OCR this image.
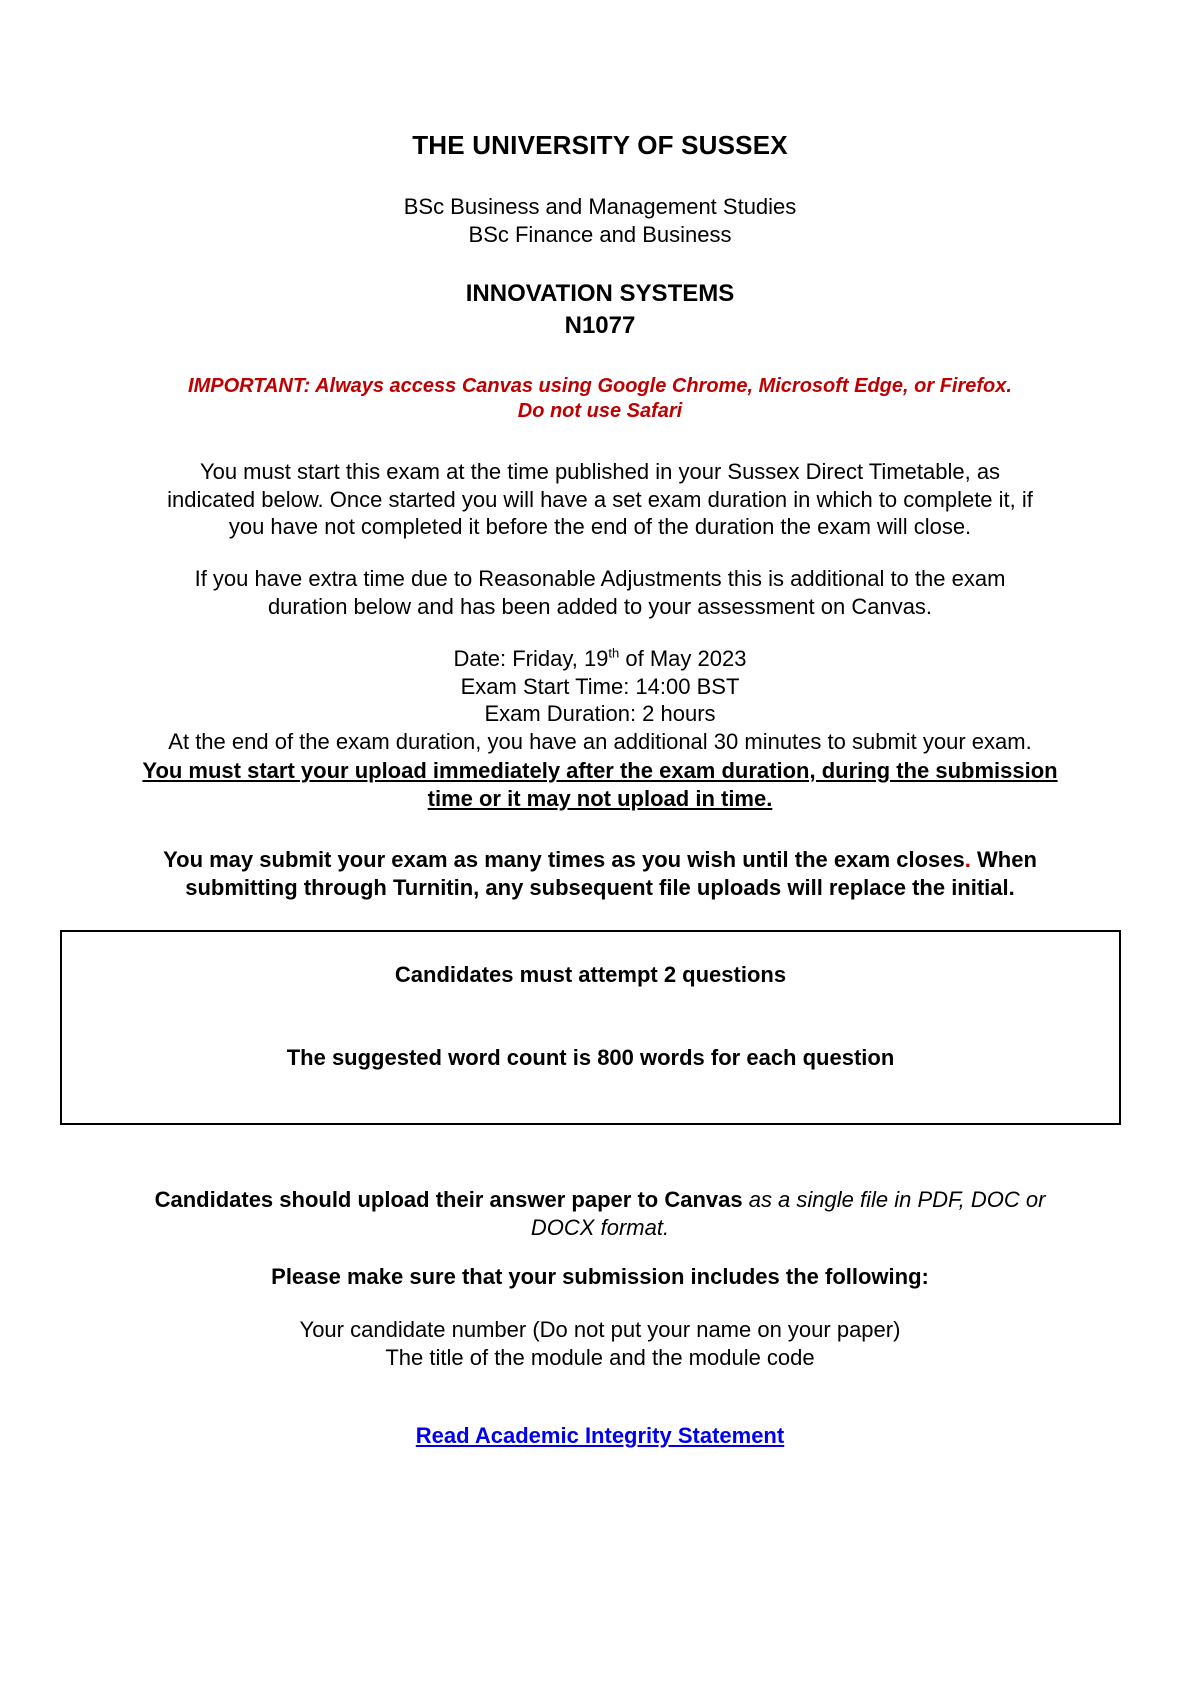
THE UNIVERSITY OF SUSSEX
BSc Business and Management Studies
BSc Finance and Business
INNOVATION SYSTEMS
N1077
IMPORTANT: Always access Canvas using Google Chrome, Microsoft Edge, or Firefox.
Do not use Safari
You must start this exam at the time published in your Sussex Direct Timetable, as
indicated below. Once started you will have a set exam duration in which to complete it, if
you have not completed it before the end of the duration the exam will close.
If you have extra time due to Reasonable Adjustments this is additional to the exam
duration below and has been added to your assessment on Canvas.
Date: Friday, 19th of May 2023
Exam Start Time: 14:00 BST
Exam Duration: 2 hours
At the end of the exam duration, you have an additional 30 minutes to submit your exam.
You must start your upload immediately after the exam duration, during the submission
time or it may not upload in time.
You may submit your exam as many times as you wish until the exam closes. When
submitting through Turnitin, any subsequent file uploads will replace the initial.
Candidates must attempt 2 questions
The suggested word count is 800 words for each question
Candidates should upload their answer paper to Canvas as a single file in PDF, DOC or
DOCX format.
Please make sure that your submission includes the following:
Your candidate number (Do not put your name on your paper)
The title of the module and the module code
Read Academic Integrity Statement
